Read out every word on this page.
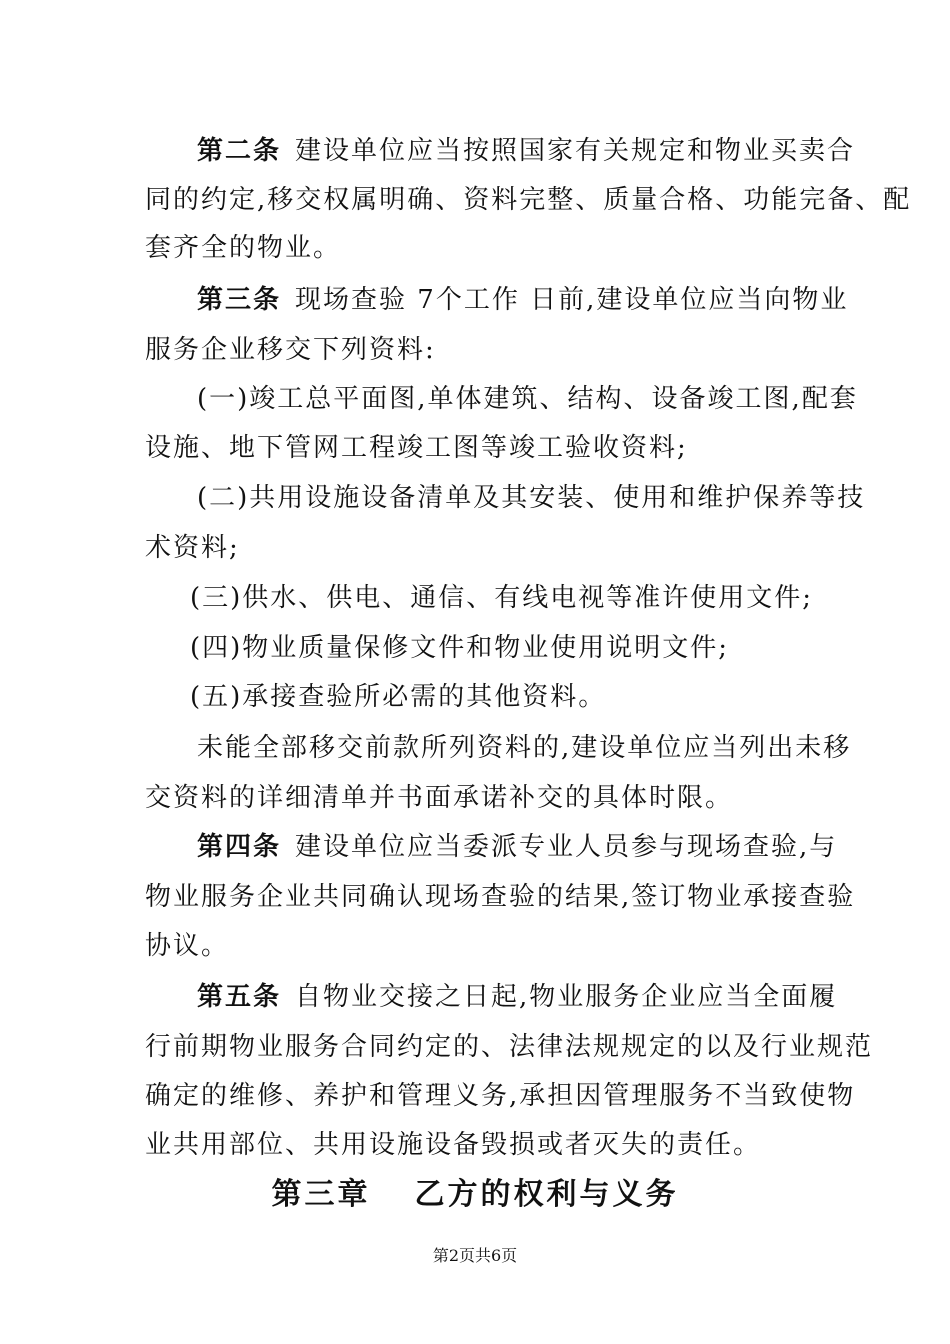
第二条 建设单位应当按照国家有关规定和物业买卖合
同的约定,移交权属明确、资料完整、质量合格、功能完备、配
套齐全的物业。
第三条 现场查验 7个工作 日前,建设单位应当向物业
服务企业移交下列资料:
(一)竣工总平面图,单体建筑、结构、设备竣工图,配套
设施、地下管网工程竣工图等竣工验收资料;
(二)共用设施设备清单及其安装、使用和维护保养等技
术资料;
(三)供水、供电、通信、有线电视等准许使用文件;
(四)物业质量保修文件和物业使用说明文件;
(五)承接查验所必需的其他资料。
未能全部移交前款所列资料的,建设单位应当列出未移
交资料的详细清单并书面承诺补交的具体时限。
第四条 建设单位应当委派专业人员参与现场查验,与
物业服务企业共同确认现场查验的结果,签订物业承接查验
协议。
第五条 自物业交接之日起,物业服务企业应当全面履
行前期物业服务合同约定的、法律法规规定的以及行业规范
确定的维修、养护和管理义务,承担因管理服务不当致使物
业共用部位、共用设施设备毁损或者灭失的责任。
第三章 乙方的权利与义务
第2页共6页
